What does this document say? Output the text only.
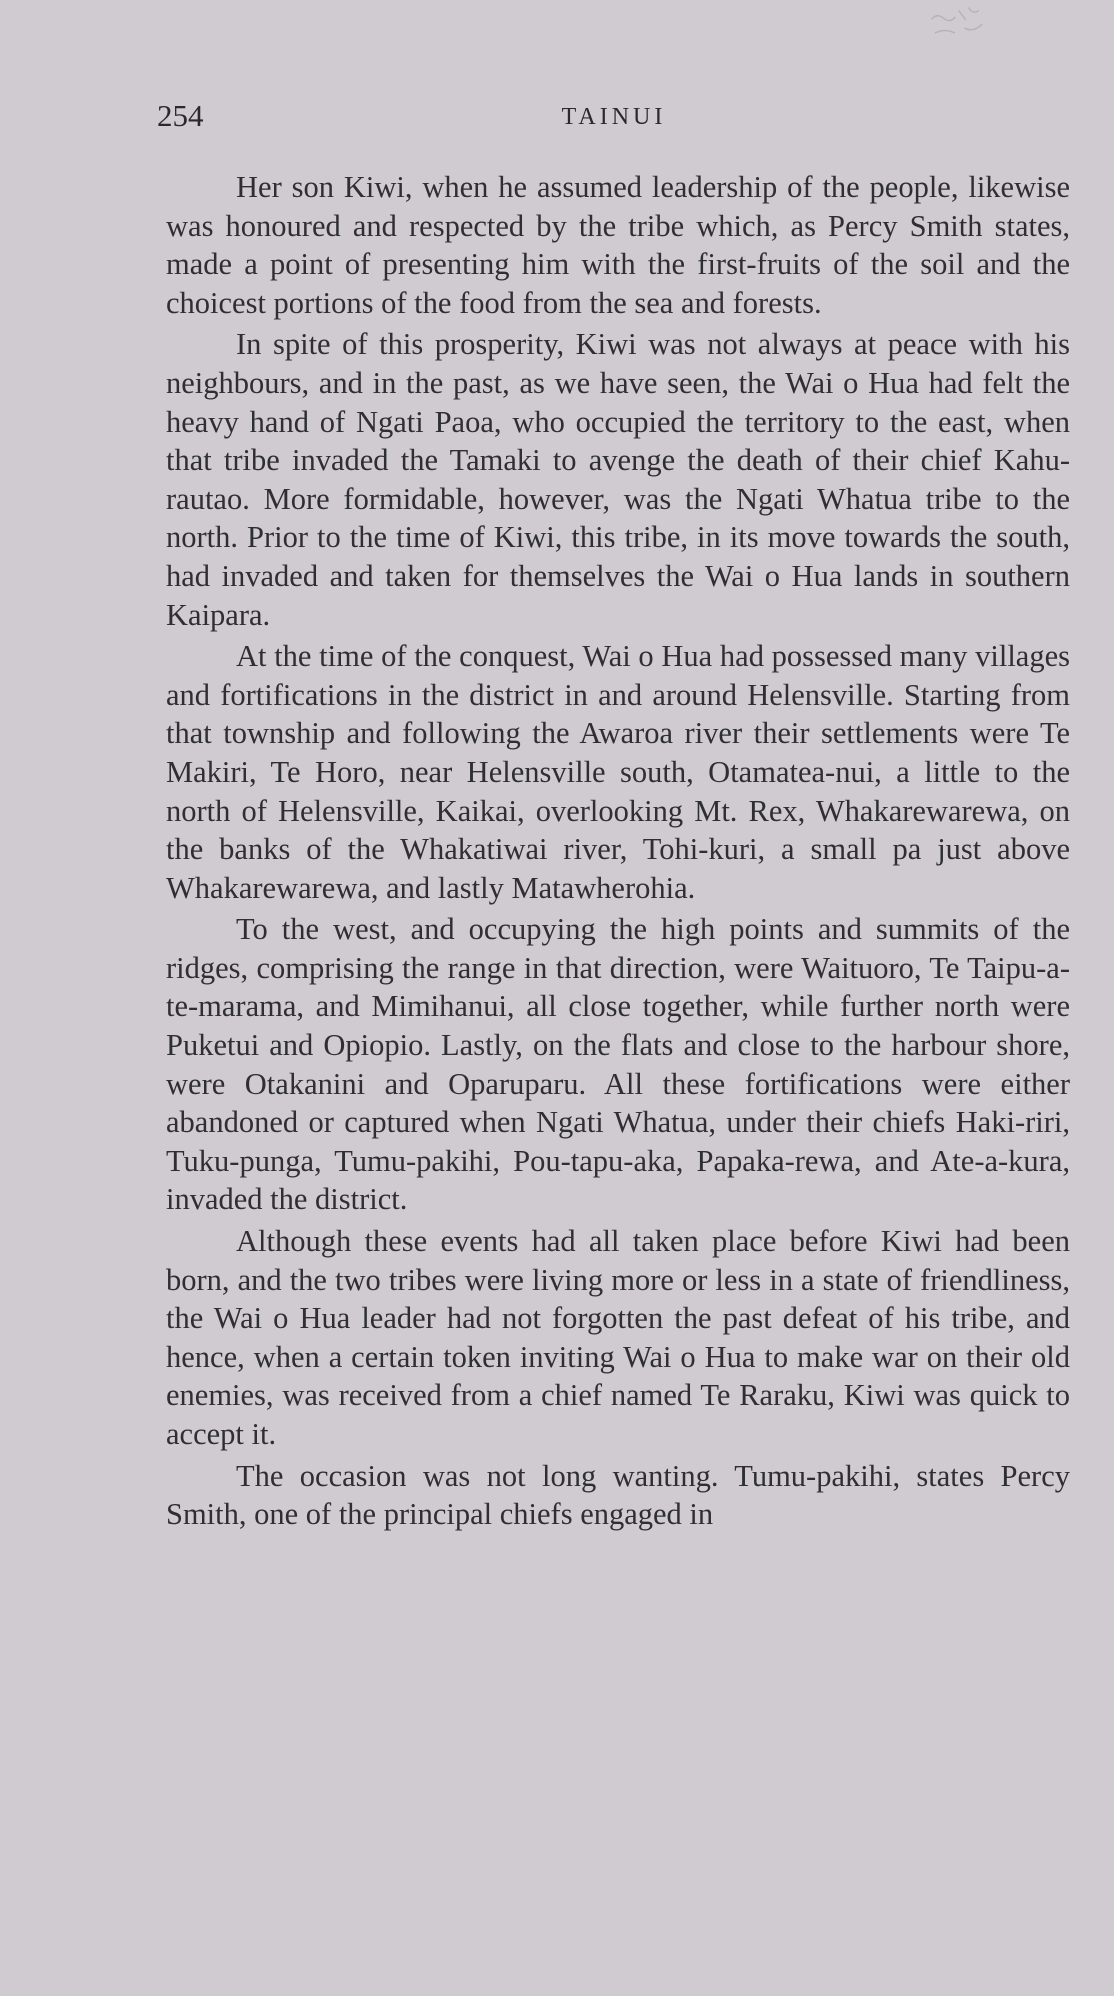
254	TAINUI

Her son Kiwi, when he assumed leadership of the people, likewise was honoured and respected by the tribe which, as Percy Smith states, made a point of presenting him with the first-fruits of the soil and the choicest portions of the food from the sea and forests.

In spite of this prosperity, Kiwi was not always at peace with his neighbours, and in the past, as we have seen, the Wai o Hua had felt the heavy hand of Ngati Paoa, who occupied the territory to the east, when that tribe invaded the Tamaki to avenge the death of their chief Kahu-rautao. More formidable, however, was the Ngati Whatua tribe to the north. Prior to the time of Kiwi, this tribe, in its move towards the south, had invaded and taken for themselves the Wai o Hua lands in southern Kaipara.

At the time of the conquest, Wai o Hua had possessed many villages and fortifications in the district in and around Helensville. Starting from that township and following the Awaroa river their settlements were Te Makiri, Te Horo, near Helensville south, Otamatea-nui, a little to the north of Helensville, Kaikai, overlooking Mt. Rex, Whakarewarewa, on the banks of the Whakatiwai river, Tohi-kuri, a small pa just above Whakarewarewa, and lastly Matawherohia.

To the west, and occupying the high points and summits of the ridges, comprising the range in that direction, were Waituoro, Te Taipu-a-te-marama, and Mimihanui, all close together, while further north were Puketui and Opiopio. Lastly, on the flats and close to the harbour shore, were Otakanini and Oparuparu. All these fortifications were either abandoned or captured when Ngati Whatua, under their chiefs Haki-riri, Tuku-punga, Tumu-pakihi, Pou-tapu-aka, Papaka-rewa, and Ate-a-kura, invaded the district.

Although these events had all taken place before Kiwi had been born, and the two tribes were living more or less in a state of friendliness, the Wai o Hua leader had not forgotten the past defeat of his tribe, and hence, when a certain token inviting Wai o Hua to make war on their old enemies, was received from a chief named Te Raraku, Kiwi was quick to accept it.

The occasion was not long wanting. Tumu-pakihi, states Percy Smith, one of the principal chiefs engaged in
